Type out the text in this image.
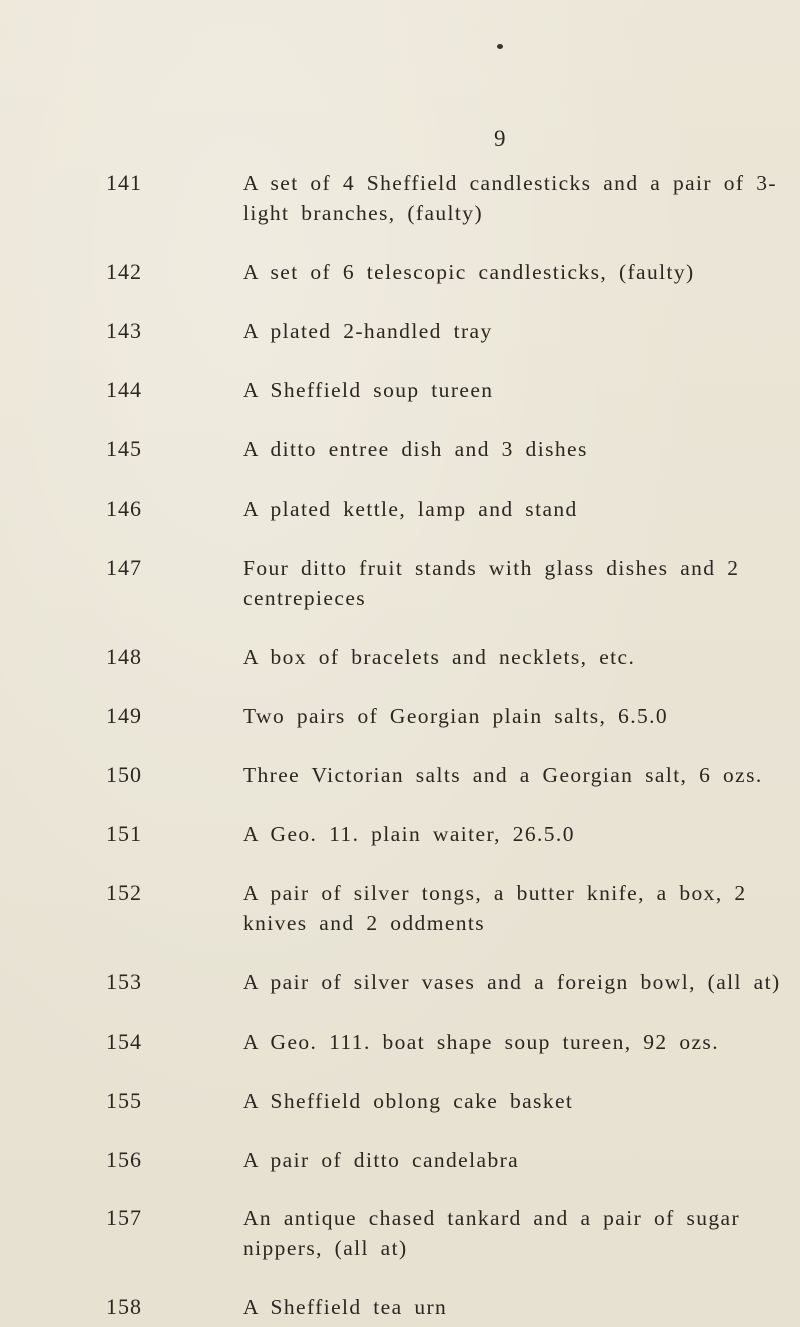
9
141	A set of 4 Sheffield candlesticks and a pair of 3-light branches, (faulty)
142	A set of 6 telescopic candlesticks, (faulty)
143	A plated 2-handled tray
144	A Sheffield soup tureen
145	A ditto entree dish and 3 dishes
146	A plated kettle, lamp and stand
147	Four ditto fruit stands with glass dishes and 2 centrepieces
148	A box of bracelets and necklets, etc.
149	Two pairs of Georgian plain salts, 6.5.0
150	Three Victorian salts and a Georgian salt, 6 ozs.
151	A Geo. 11. plain waiter, 26.5.0
152	A pair of silver tongs, a butter knife, a box, 2 knives and 2 oddments
153	A pair of silver vases and a foreign bowl, (all at)
154	A Geo. 111. boat shape soup tureen, 92 ozs.
155	A Sheffield oblong cake basket
156	A pair of ditto candelabra
157	An antique chased tankard and a pair of sugar nippers, (all at)
158	A Sheffield tea urn
